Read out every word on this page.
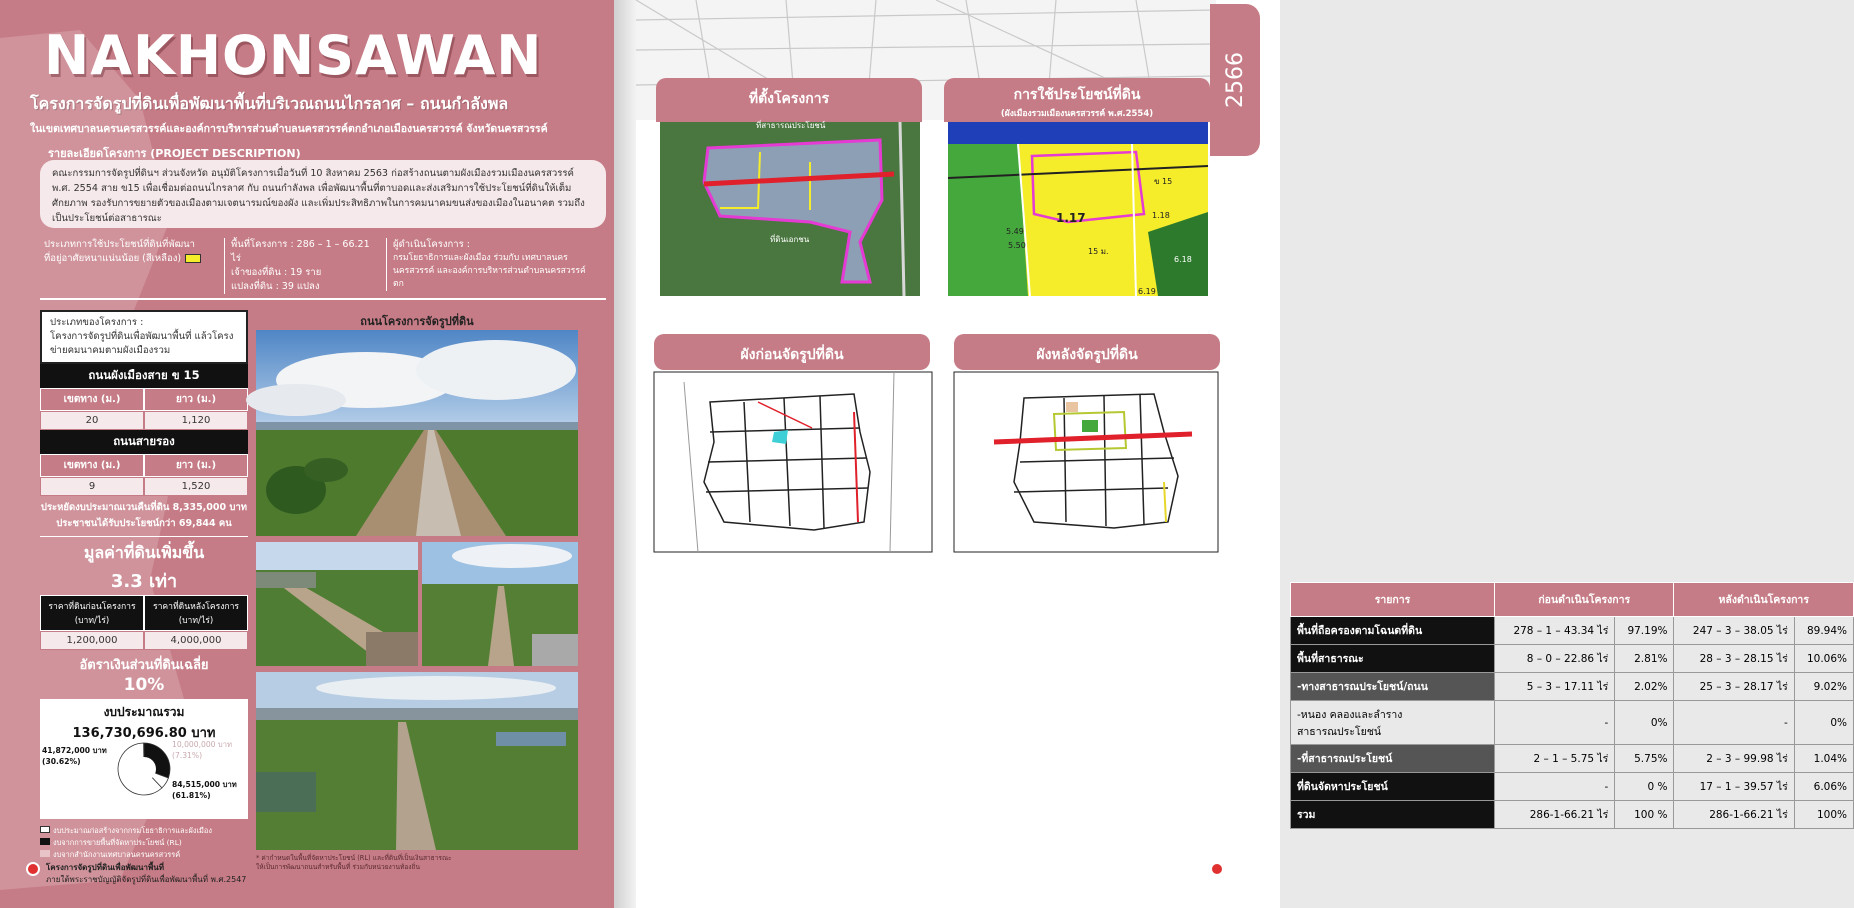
NAKHONSAWAN
โครงการจัดรูปที่ดินเพื่อพัฒนาพื้นที่บริเวณถนนไกรลาศ – ถนนกำลังพล
ในเขตเทศบาลนครนครสวรรค์และองค์การบริหารส่วนตำบลนครสวรรค์ตกอำเภอเมืองนครสวรรค์ จังหวัดนครสวรรค์
รายละเอียดโครงการ (PROJECT DESCRIPTION)
คณะกรรมการจัดรูปที่ดินฯ ส่วนจังหวัด อนุมัติโครงการเมื่อวันที่ 10 สิงหาคม 2563 ก่อสร้างถนนตามผังเมืองรวมเมืองนครสวรรค์ พ.ศ. 2554 สาย ข15 เพื่อเชื่อมต่อถนนไกรลาศ กับ ถนนกำลังพล เพื่อพัฒนาพื้นที่ตาบอดและส่งเสริมการใช้ประโยชน์ที่ดินให้เต็มศักยภาพ รองรับการขยายตัวของเมืองตามเจตนารมณ์ของผัง และเพิ่มประสิทธิภาพในการคมนาคมขนส่งของเมืองในอนาคต รวมถึงเป็นประโยชน์ต่อสาธารณะ
ประเภทการใช้ประโยชน์ที่ดินที่พัฒนา
ที่อยู่อาศัยหนาแน่นน้อย (สีเหลือง)
พื้นที่โครงการ : 286 – 1 – 66.21 ไร่
เจ้าของที่ดิน : 19 ราย
แปลงที่ดิน : 39 แปลง
ผู้ดำเนินโครงการ :
กรมโยธาธิการและผังเมือง ร่วมกับ เทศบาลนครนครสวรรค์ และองค์การบริหารส่วนตำบลนครสวรรค์ตก
ประเภทของโครงการ :
โครงการจัดรูปที่ดินเพื่อพัฒนาพื้นที่ แล้วโครงข่ายคมนาคมตามผังเมืองรวม
ถนนผังเมืองสาย ข 15
เขตทาง (ม.)	ยาว (ม.)
20	1,120
ถนนสายรอง
เขตทาง (ม.)	ยาว (ม.)
9	1,520
ประหยัดงบประมาณเวนคืนที่ดิน 8,335,000 บาท
ประชาชนได้รับประโยชน์กว่า 69,844 คน
มูลค่าที่ดินเพิ่มขึ้น
3.3 เท่า
ราคาที่ดินก่อนโครงการ (บาท/ไร่)
ราคาที่ดินหลังโครงการ (บาท/ไร่)
1,200,000	4,000,000
อัตราเงินส่วนที่ดินเฉลี่ย
10%
งบประมาณรวม
136,730,696.80 บาท
41,872,000 บาท
(30.62%)
10,000,000 บาท
(7.31%)
84,515,000 บาท
(61.81%)
งบประมาณก่อสร้างจากกรมโยธาธิการและผังเมือง
งบจากการขายพื้นที่จัดหาประโยชน์ (RL)
งบจากสำนักงานเทศบาลนครนครสวรรค์
ถนนโครงการจัดรูปที่ดิน
* ค่ากำหนดในพื้นที่จัดหาประโยชน์ (RL) และที่ดินที่เป็นเงินสาธารณะ ให้เป็นการพัฒนาถนนสำหรับพื้นที่ ร่วมกับหน่วยงานท้องถิ่น
โครงการจัดรูปที่ดินเพื่อพัฒนาพื้นที่
ภายใต้พระราชบัญญัติจัดรูปที่ดินเพื่อพัฒนาพื้นที่ พ.ศ.2547
2566
ที่ตั้งโครงการ
ที่สาธารณประโยชน์
ที่ดินเอกชน
การใช้ประโยชน์ที่ดิน
(ผังเมืองรวมเมืองนครสวรรค์ พ.ศ.2554)
1.17	1.18
5.49
5.50
6.18
6.19
15 ม.
ข 15
ผังก่อนจัดรูปที่ดิน	ผังหลังจัดรูปที่ดิน
รายการ	ก่อนดำเนินโครงการ		หลังดำเนินโครงการ	
พื้นที่ถือครองตามโฉนดที่ดิน	278 – 1 – 43.34 ไร่	97.19%	247 – 3 – 38.05 ไร่	89.94%
พื้นที่สาธารณะ	8 – 0 – 22.86 ไร่	2.81%	28 – 3 – 28.15 ไร่	10.06%
-ทางสาธารณประโยชน์/ถนน	5 – 3 – 17.11 ไร่	2.02%	25 – 3 – 28.17 ไร่	9.02%
-หนอง คลองและลำราง สาธารณประโยชน์	-	0%	-	0%
-ที่สาธารณประโยชน์	2 – 1 – 5.75 ไร่	5.75%	2 – 3 – 99.98 ไร่	1.04%
ที่ดินจัดหาประโยชน์	-	0 %	17 – 1 – 39.57 ไร่	6.06%
รวม	286-1-66.21 ไร่	100 %	286-1-66.21 ไร่	100%
